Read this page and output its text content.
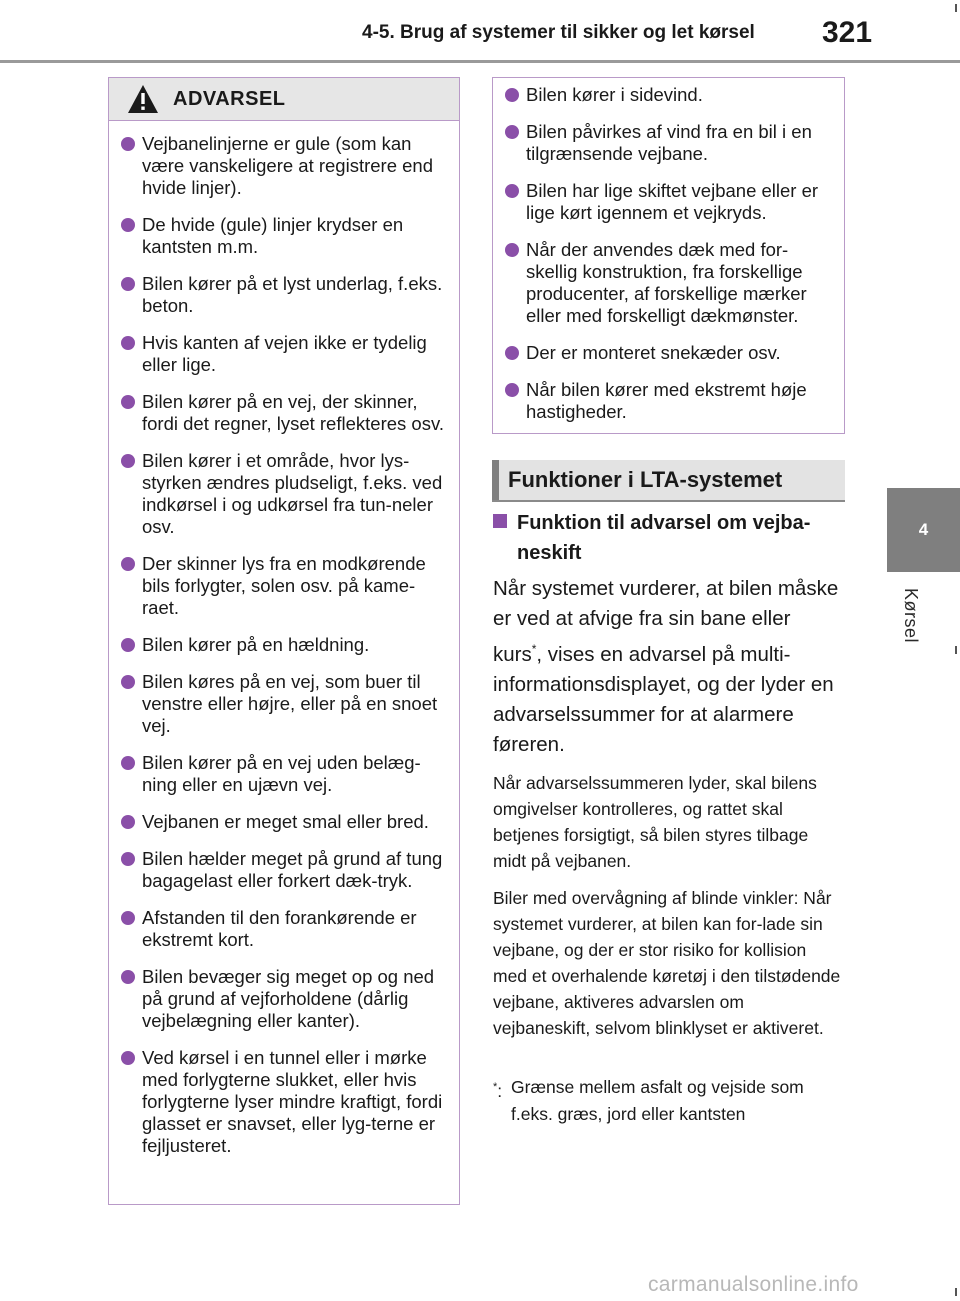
4-5. Brug af systemer til sikker og let kørsel	321
4
Kørsel
ADVARSEL
Vejbanelinjerne er gule (som kan være vanskeligere at registrere end hvide linjer).
De hvide (gule) linjer krydser en kantsten m.m.
Bilen kører på et lyst underlag, f.eks. beton.
Hvis kanten af vejen ikke er tydelig eller lige.
Bilen kører på en vej, der skinner, fordi det regner, lyset reflekteres osv.
Bilen kører i et område, hvor lys-styrken ændres pludseligt, f.eks. ved indkørsel i og udkørsel fra tun-neler osv.
Der skinner lys fra en modkørende bils forlygter, solen osv. på kame-raet.
Bilen kører på en hældning.
Bilen køres på en vej, som buer til venstre eller højre, eller på en snoet vej.
Bilen kører på en vej uden belæg-ning eller en ujævn vej.
Vejbanen er meget smal eller bred.
Bilen hælder meget på grund af tung bagagelast eller forkert dæk-tryk.
Afstanden til den forankørende er ekstremt kort.
Bilen bevæger sig meget op og ned på grund af vejforholdene (dårlig vejbelægning eller kanter).
Ved kørsel i en tunnel eller i mørke med forlygterne slukket, eller hvis forlygterne lyser mindre kraftigt, fordi glasset er snavset, eller lyg-terne er fejljusteret.
Bilen kører i sidevind.
Bilen påvirkes af vind fra en bil i en tilgrænsende vejbane.
Bilen har lige skiftet vejbane eller er lige kørt igennem et vejkryds.
Når der anvendes dæk med for-skellig konstruktion, fra forskellige producenter, af forskellige mærker eller med forskelligt dækmønster.
Der er monteret snekæder osv.
Når bilen kører med ekstremt høje hastigheder.
Funktioner i LTA-systemet
Funktion til advarsel om vejba-
neskift

Når systemet vurderer, at bilen måske er ved at afvige fra sin bane eller kurs*, vises en advarsel på multi-informationsdisplayet, og der lyder en advarselssummer for at alarmere føreren.

Når advarselssummeren lyder, skal bilens omgivelser kontrolleres, og rattet skal betjenes forsigtigt, så bilen styres tilbage midt på vejbanen.

Biler med overvågning af blinde vinkler: Når systemet vurderer, at bilen kan for-lade sin vejbane, og der er stor risiko for kollision med et overhalende køretøj i den tilstødende vejbane, aktiveres advarslen om vejbaneskift, selvom blinklyset er aktiveret.

*: Grænse mellem asfalt og vejside som f.eks. græs, jord eller kantsten
carmanualsonline.info
